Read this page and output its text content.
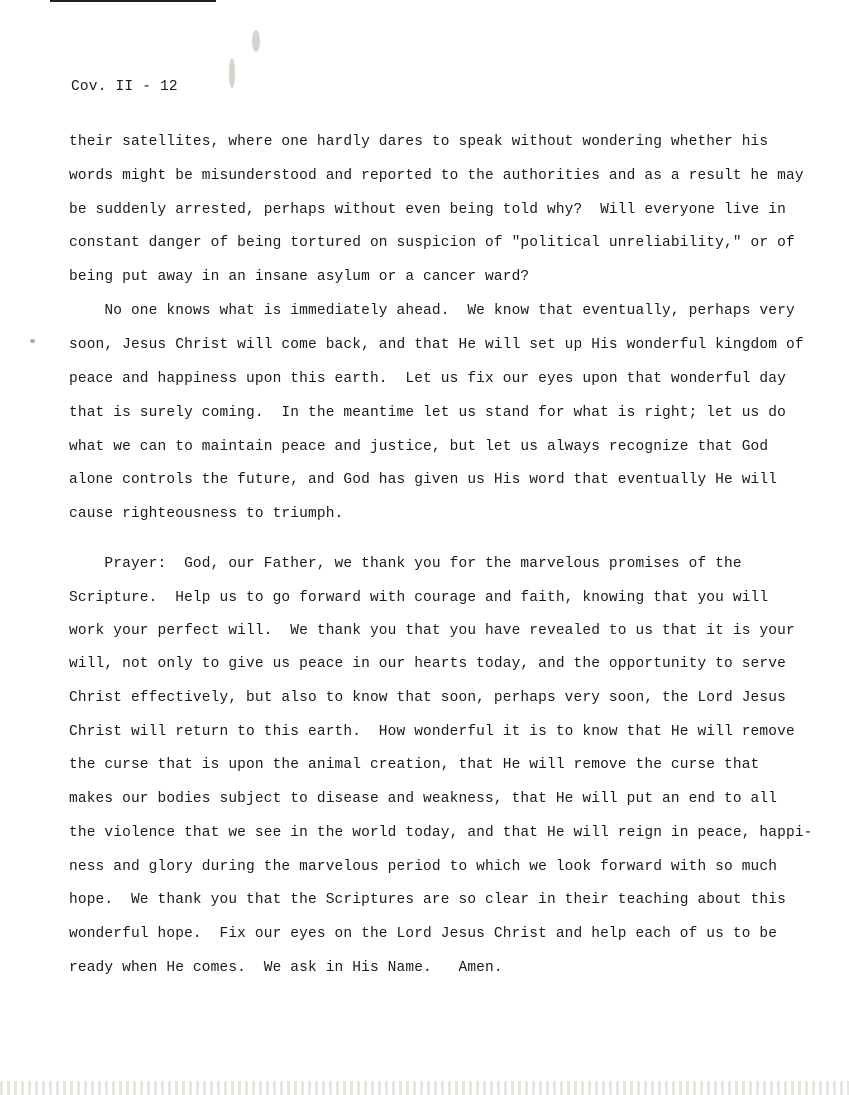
Cov. II - 12
their satellites, where one hardly dares to speak without wondering whether his
words might be misunderstood and reported to the authorities and as a result he may
be suddenly arrested, perhaps without even being told why?  Will everyone live in
constant danger of being tortured on suspicion of "political unreliability," or of
being put away in an insane asylum or a cancer ward?
No one knows what is immediately ahead.  We know that eventually, perhaps very
soon, Jesus Christ will come back, and that He will set up His wonderful kingdom of
peace and happiness upon this earth.  Let us fix our eyes upon that wonderful day
that is surely coming.  In the meantime let us stand for what is right; let us do
what we can to maintain peace and justice, but let us always recognize that God
alone controls the future, and God has given us His word that eventually He will
cause righteousness to triumph.
Prayer:  God, our Father, we thank you for the marvelous promises of the
Scripture.  Help us to go forward with courage and faith, knowing that you will
work your perfect will.  We thank you that you have revealed to us that it is your
will, not only to give us peace in our hearts today, and the opportunity to serve
Christ effectively, but also to know that soon, perhaps very soon, the Lord Jesus
Christ will return to this earth.  How wonderful it is to know that He will remove
the curse that is upon the animal creation, that He will remove the curse that
makes our bodies subject to disease and weakness, that He will put an end to all
the violence that we see in the world today, and that He will reign in peace, happi-
ness and glory during the marvelous period to which we look forward with so much
hope.  We thank you that the Scriptures are so clear in their teaching about this
wonderful hope.  Fix our eyes on the Lord Jesus Christ and help each of us to be
ready when He comes.  We ask in His Name.   Amen.
